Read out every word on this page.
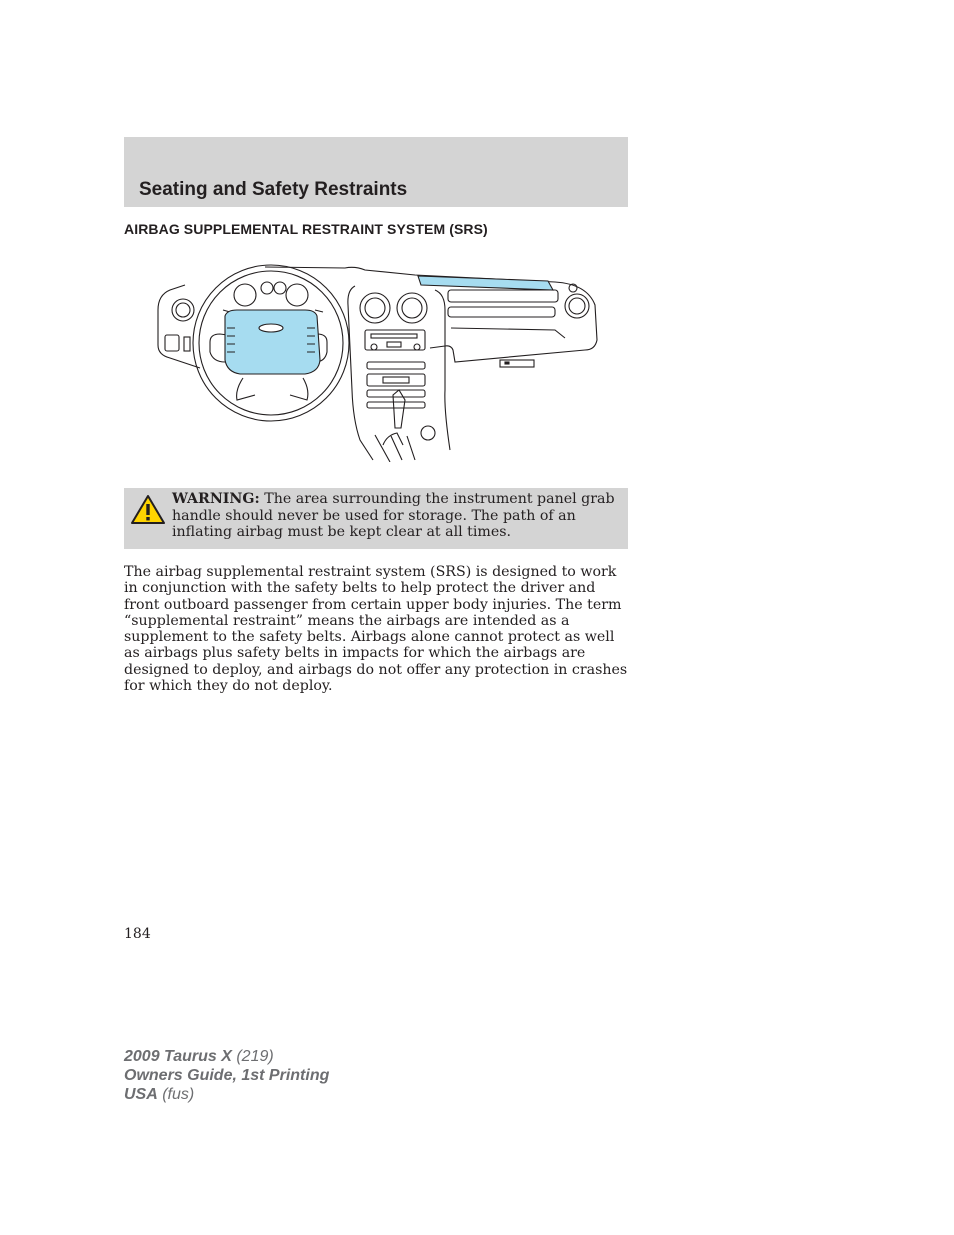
Seating and Safety Restraints
AIRBAG SUPPLEMENTAL RESTRAINT SYSTEM (SRS)
WARNING: The area surrounding the instrument panel grab handle should never be used for storage. The path of an inflating airbag must be kept clear at all times.

The airbag supplemental restraint system (SRS) is designed to work in conjunction with the safety belts to help protect the driver and front outboard passenger from certain upper body injuries. The term “supplemental restraint” means the airbags are intended as a supplement to the safety belts. Airbags alone cannot protect as well as airbags plus safety belts in impacts for which the airbags are designed to deploy, and airbags do not offer any protection in crashes for which they do not deploy.

184
2009 Taurus X (219)
Owners Guide, 1st Printing
USA (fus)
